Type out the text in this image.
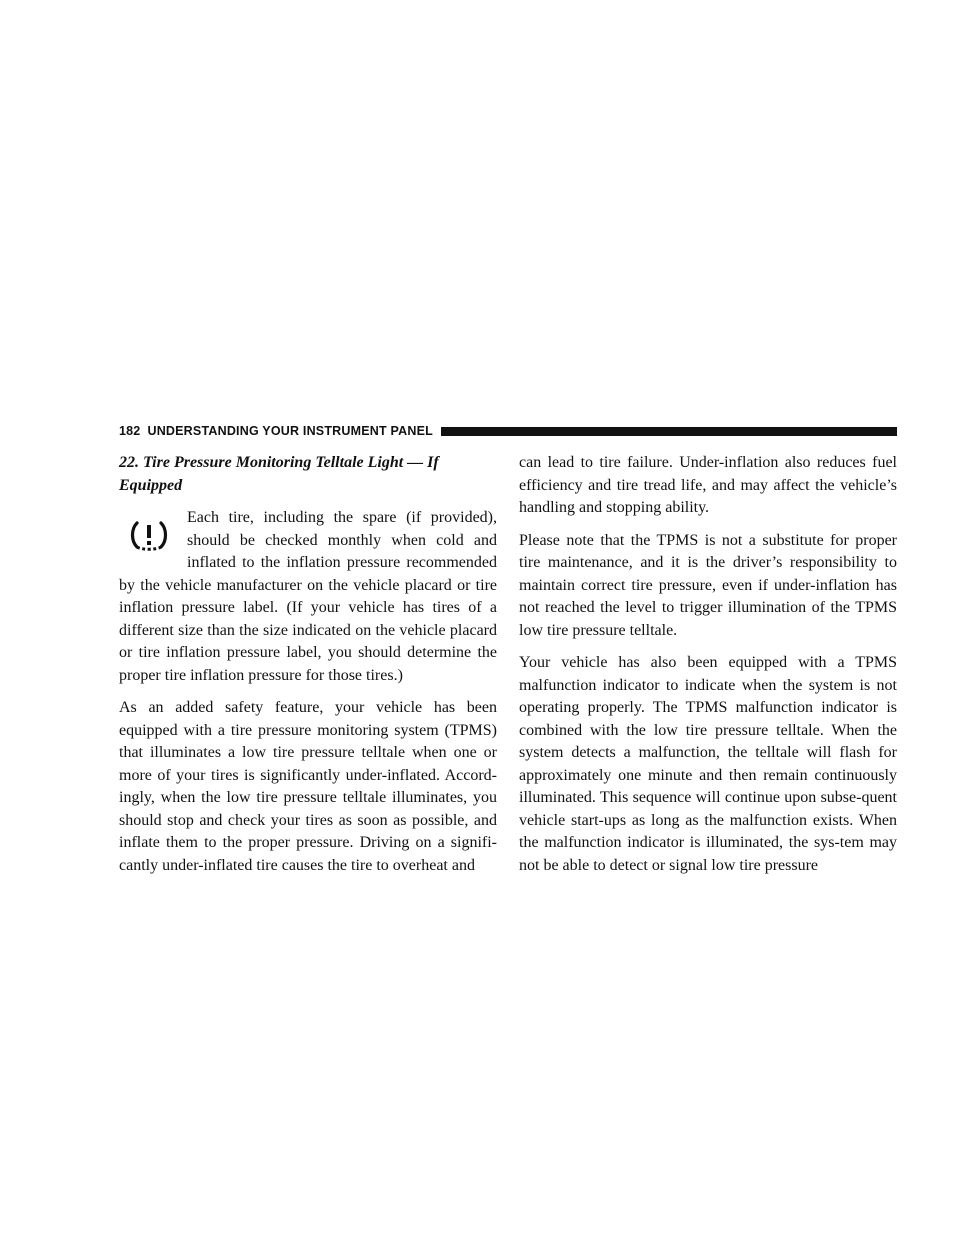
182 UNDERSTANDING YOUR INSTRUMENT PANEL

22. Tire Pressure Monitoring Telltale Light — If Equipped

Each tire, including the spare (if provided), should be checked monthly when cold and inflated to the inflation pressure recommended by the vehicle manufacturer on the vehicle placard or tire inflation pressure label. (If your vehicle has tires of a different size than the size indicated on the vehicle placard or tire inflation pressure label, you should determine the proper tire inflation pressure for those tires.)

As an added safety feature, your vehicle has been equipped with a tire pressure monitoring system (TPMS) that illuminates a low tire pressure telltale when one or more of your tires is significantly under-inflated. Accord-ingly, when the low tire pressure telltale illuminates, you should stop and check your tires as soon as possible, and inflate them to the proper pressure. Driving on a signifi-cantly under-inflated tire causes the tire to overheat and

can lead to tire failure. Under-inflation also reduces fuel efficiency and tire tread life, and may affect the vehicle’s handling and stopping ability.

Please note that the TPMS is not a substitute for proper tire maintenance, and it is the driver’s responsibility to maintain correct tire pressure, even if under-inflation has not reached the level to trigger illumination of the TPMS low tire pressure telltale.

Your vehicle has also been equipped with a TPMS malfunction indicator to indicate when the system is not operating properly. The TPMS malfunction indicator is combined with the low tire pressure telltale. When the system detects a malfunction, the telltale will flash for approximately one minute and then remain continuously illuminated. This sequence will continue upon subse-quent vehicle start-ups as long as the malfunction exists. When the malfunction indicator is illuminated, the sys-tem may not be able to detect or signal low tire pressure
